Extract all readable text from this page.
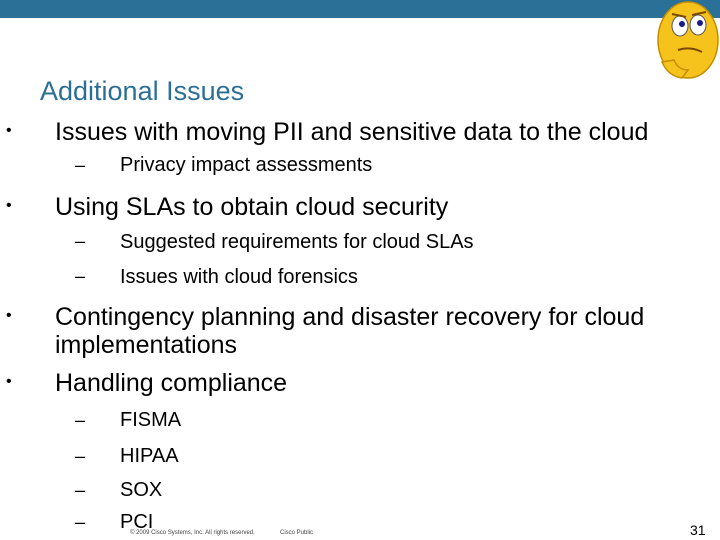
Additional Issues
• Issues with moving PII and sensitive data to the cloud
– Privacy impact assessments
• Using SLAs to obtain cloud security
– Suggested requirements for cloud SLAs
– Issues with cloud forensics
• Contingency planning and disaster recovery for cloud implementations
• Handling compliance
– FISMA
– HIPAA
– SOX
– PCI
© 2009 Cisco Systems, Inc. All rights reserved.	Cisco Public	31
